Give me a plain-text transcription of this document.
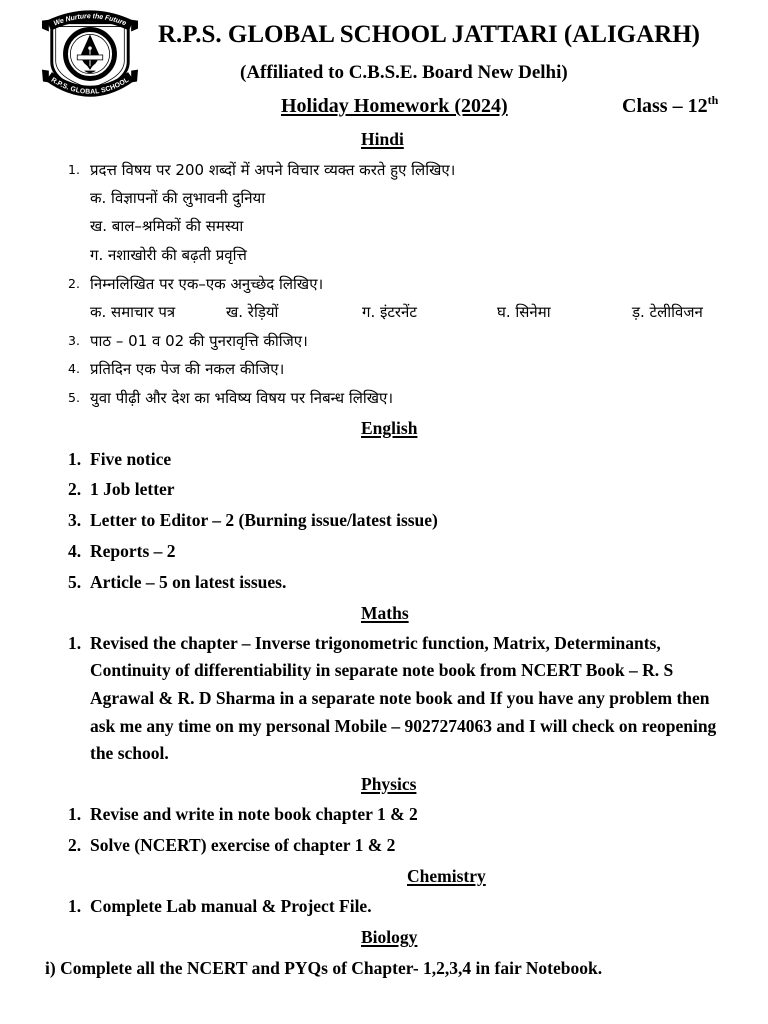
We Nurture the Future
R.P.S. GLOBAL SCHOOL
R.P.S. GLOBAL SCHOOL JATTARI (ALIGARH)
(Affiliated to C.B.S.E. Board New Delhi)
Holiday Homework (2024)	Class – 12th
Hindi
1. प्रदत्त विषय पर 200 शब्दों में अपने विचार व्यक्त करते हुए लिखिए।
क. विज्ञापनों की लुभावनी दुनिया
ख. बाल–श्रमिकों की समस्या
ग. नशाखोरी की बढ़ती प्रवृत्ति
2. निम्नलिखित पर एक–एक अनुच्छेद लिखिए।
क. समाचार पत्र	ख. रेड़ियों	ग. इंटरनेंट	घ. सिनेमा	ड़. टेलीविजन
3. पाठ – 01 व 02 की पुनरावृत्ति कीजिए।
4. प्रतिदिन एक पेज की नकल कीजिए।
5. युवा पीढ़ी और देश का भविष्य विषय पर निबन्ध लिखिए।
English
1. Five notice
2. 1 Job letter
3. Letter to Editor – 2 (Burning issue/latest issue)
4. Reports – 2
5. Article – 5 on latest issues.
Maths
1. Revised the chapter – Inverse trigonometric function, Matrix, Determinants,
Continuity of differentiability in separate note book from NCERT Book – R. S
Agrawal & R. D Sharma in a separate note book and If you have any problem then
ask me any time on my personal Mobile – 9027274063 and I will check on reopening
the school.
Physics
1. Revise and write in note book chapter 1 & 2
2. Solve (NCERT) exercise of chapter 1 & 2
Chemistry
1. Complete Lab manual & Project File.
Biology
i) Complete all the NCERT and PYQs of Chapter- 1,2,3,4 in fair Notebook.
